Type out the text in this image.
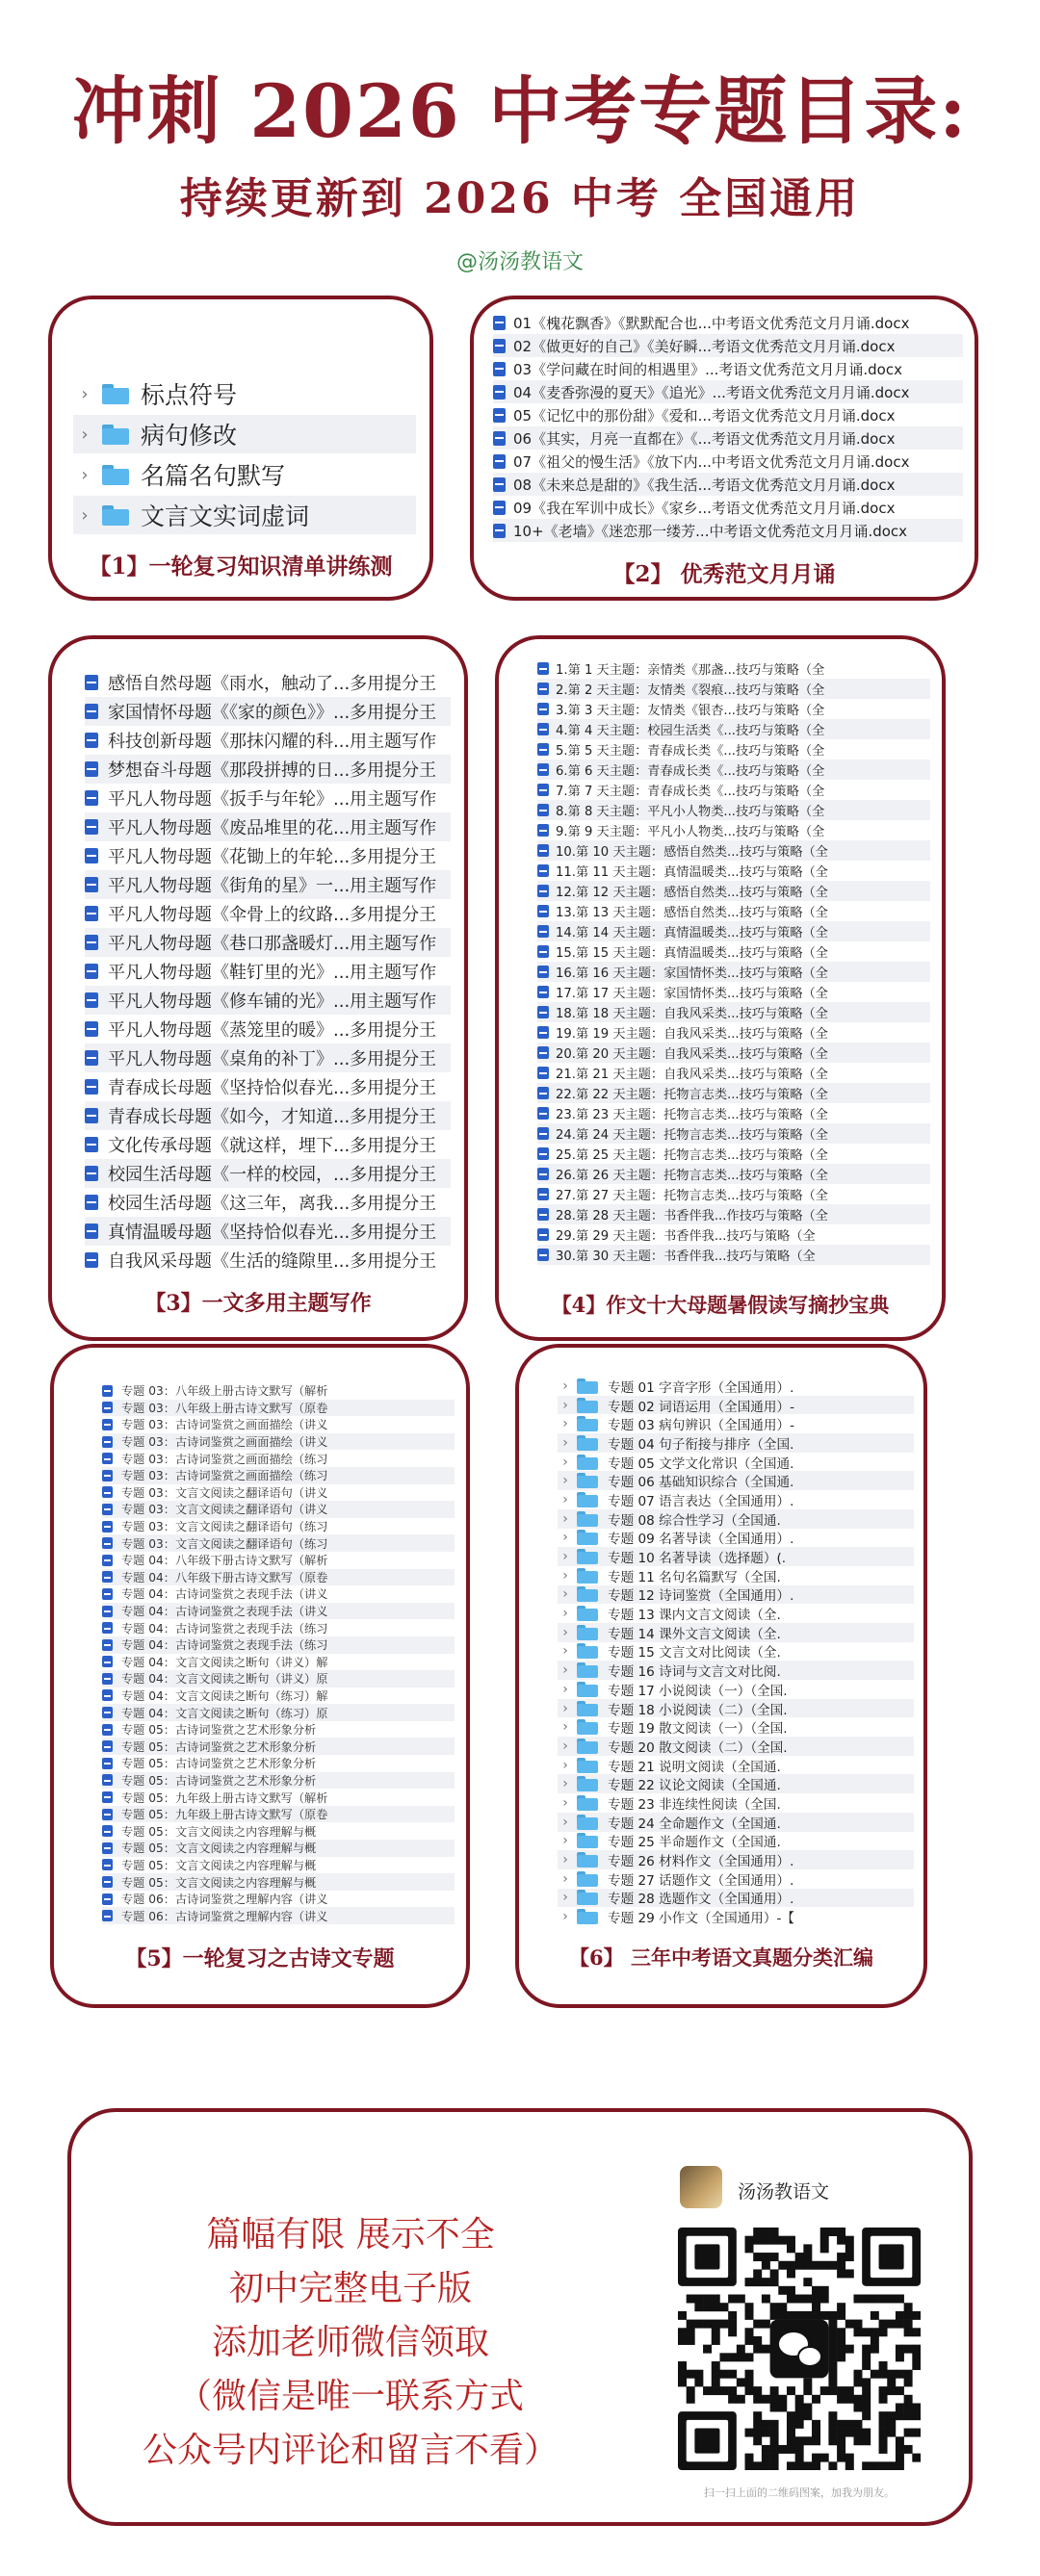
冲刺 2026 中考专题目录:
持续更新到 2026 中考 全国通用
@汤汤教语文
›	标点符号
›	病句修改
›	名篇名句默写
›	文言文实词虚词
【1】一轮复习知识清单讲练测
01《槐花飘香》《默默配合也...中考语文优秀范文月月诵.docx
02《做更好的自己》《美好瞬...考语文优秀范文月月诵.docx
03《学问藏在时间的相遇里》...考语文优秀范文月月诵.docx
04《麦香弥漫的夏天》《追光》...考语文优秀范文月月诵.docx
05《记忆中的那份甜》《爱和...考语文优秀范文月月诵.docx
06《其实，月亮一直都在》《...考语文优秀范文月月诵.docx
07《祖父的慢生活》《放下内...中考语文优秀范文月月诵.docx
08《未来总是甜的》《我生活...考语文优秀范文月月诵.docx
09《我在军训中成长》《家乡...考语文优秀范文月月诵.docx
10+《老墙》《迷恋那一缕芳...中考语文优秀范文月月诵.docx
【2】 优秀范文月月诵
感悟自然母题《雨水，触动了...多用提分王
家国情怀母题《《家的颜色》》...多用提分王
科技创新母题《那抹闪耀的科...用主题写作
梦想奋斗母题《那段拼搏的日...多用提分王
平凡人物母题《扳手与年轮》...用主题写作
平凡人物母题《废品堆里的花...用主题写作
平凡人物母题《花锄上的年轮...多用提分王
平凡人物母题《街角的星》一...用主题写作
平凡人物母题《伞骨上的纹路...多用提分王
平凡人物母题《巷口那盏暖灯...用主题写作
平凡人物母题《鞋钉里的光》...用主题写作
平凡人物母题《修车铺的光》...用主题写作
平凡人物母题《蒸笼里的暖》...多用提分王
平凡人物母题《桌角的补丁》...多用提分王
青春成长母题《坚持恰似春光...多用提分王
青春成长母题《如今，才知道...多用提分王
文化传承母题《就这样，埋下...多用提分王
校园生活母题《一样的校园，...多用提分王
校园生活母题《这三年，离我...多用提分王
真情温暖母题《坚持恰似春光...多用提分王
自我风采母题《生活的缝隙里...多用提分王
【3】一文多用主题写作
1.第 1 天主题：亲情类《那盏...技巧与策略（全
2.第 2 天主题：友情类《裂痕...技巧与策略（全
3.第 3 天主题：友情类《银杏...技巧与策略（全
4.第 4 天主题：校园生活类《...技巧与策略（全
5.第 5 天主题：青春成长类《...技巧与策略（全
6.第 6 天主题：青春成长类《...技巧与策略（全
7.第 7 天主题：青春成长类《...技巧与策略（全
8.第 8 天主题：平凡小人物类...技巧与策略（全
9.第 9 天主题：平凡小人物类...技巧与策略（全
10.第 10 天主题：感悟自然类...技巧与策略（全
11.第 11 天主题：真情温暖类...技巧与策略（全
12.第 12 天主题：感悟自然类...技巧与策略（全
13.第 13 天主题：感悟自然类...技巧与策略（全
14.第 14 天主题：真情温暖类...技巧与策略（全
15.第 15 天主题：真情温暖类...技巧与策略（全
16.第 16 天主题：家国情怀类...技巧与策略（全
17.第 17 天主题：家国情怀类...技巧与策略（全
18.第 18 天主题：自我风采类...技巧与策略（全
19.第 19 天主题：自我风采类...技巧与策略（全
20.第 20 天主题：自我风采类...技巧与策略（全
21.第 21 天主题：自我风采类...技巧与策略（全
22.第 22 天主题：托物言志类...技巧与策略（全
23.第 23 天主题：托物言志类...技巧与策略（全
24.第 24 天主题：托物言志类...技巧与策略（全
25.第 25 天主题：托物言志类...技巧与策略（全
26.第 26 天主题：托物言志类...技巧与策略（全
27.第 27 天主题：托物言志类...技巧与策略（全
28.第 28 天主题：书香伴我...作技巧与策略（全
29.第 29 天主题：书香伴我...技巧与策略（全
30.第 30 天主题：书香伴我...技巧与策略（全
【4】作文十大母题暑假读写摘抄宝典
专题 03：八年级上册古诗文默写（解析
专题 03：八年级上册古诗文默写（原卷
专题 03：古诗词鉴赏之画面描绘（讲义
专题 03：古诗词鉴赏之画面描绘（讲义
专题 03：古诗词鉴赏之画面描绘（练习
专题 03：古诗词鉴赏之画面描绘（练习
专题 03：文言文阅读之翻译语句（讲义
专题 03：文言文阅读之翻译语句（讲义
专题 03：文言文阅读之翻译语句（练习
专题 03：文言文阅读之翻译语句（练习
专题 04：八年级下册古诗文默写（解析
专题 04：八年级下册古诗文默写（原卷
专题 04：古诗词鉴赏之表现手法（讲义
专题 04：古诗词鉴赏之表现手法（讲义
专题 04：古诗词鉴赏之表现手法（练习
专题 04：古诗词鉴赏之表现手法（练习
专题 04：文言文阅读之断句（讲义）解
专题 04：文言文阅读之断句（讲义）原
专题 04：文言文阅读之断句（练习）解
专题 04：文言文阅读之断句（练习）原
专题 05：古诗词鉴赏之艺术形象分析
专题 05：古诗词鉴赏之艺术形象分析
专题 05：古诗词鉴赏之艺术形象分析
专题 05：古诗词鉴赏之艺术形象分析
专题 05：九年级上册古诗文默写（解析
专题 05：九年级上册古诗文默写（原卷
专题 05：文言文阅读之内容理解与概
专题 05：文言文阅读之内容理解与概
专题 05：文言文阅读之内容理解与概
专题 05：文言文阅读之内容理解与概
专题 06：古诗词鉴赏之理解内容（讲义
专题 06：古诗词鉴赏之理解内容（讲义
【5】一轮复习之古诗文专题
›	专题 01 字音字形（全国通用）.
›	专题 02 词语运用（全国通用）-
›	专题 03 病句辨识（全国通用）-
›	专题 04 句子衔接与排序（全国.
›	专题 05 文学文化常识（全国通.
›	专题 06 基础知识综合（全国通.
›	专题 07 语言表达（全国通用）.
›	专题 08 综合性学习（全国通.
›	专题 09 名著导读（全国通用）.
›	专题 10 名著导读（选择题）(.
›	专题 11 名句名篇默写（全国.
›	专题 12 诗词鉴赏（全国通用）.
›	专题 13 课内文言文阅读（全.
›	专题 14 课外文言文阅读（全.
›	专题 15 文言文对比阅读（全.
›	专题 16 诗词与文言文对比阅.
›	专题 17 小说阅读（一）（全国.
›	专题 18 小说阅读（二）（全国.
›	专题 19 散文阅读（一）（全国.
›	专题 20 散文阅读（二）（全国.
›	专题 21 说明文阅读（全国通.
›	专题 22 议论文阅读（全国通.
›	专题 23 非连续性阅读（全国.
›	专题 24 全命题作文（全国通.
›	专题 25 半命题作文（全国通.
›	专题 26 材料作文（全国通用）.
›	专题 27 话题作文（全国通用）.
›	专题 28 选题作文（全国通用）.
›	专题 29 小作文（全国通用）-【
【6】 三年中考语文真题分类汇编
篇幅有限 展示不全
初中完整电子版
添加老师微信领取
（微信是唯一联系方式
公众号内评论和留言不看）
汤汤教语文
扫一扫上面的二维码图案，加我为朋友。
